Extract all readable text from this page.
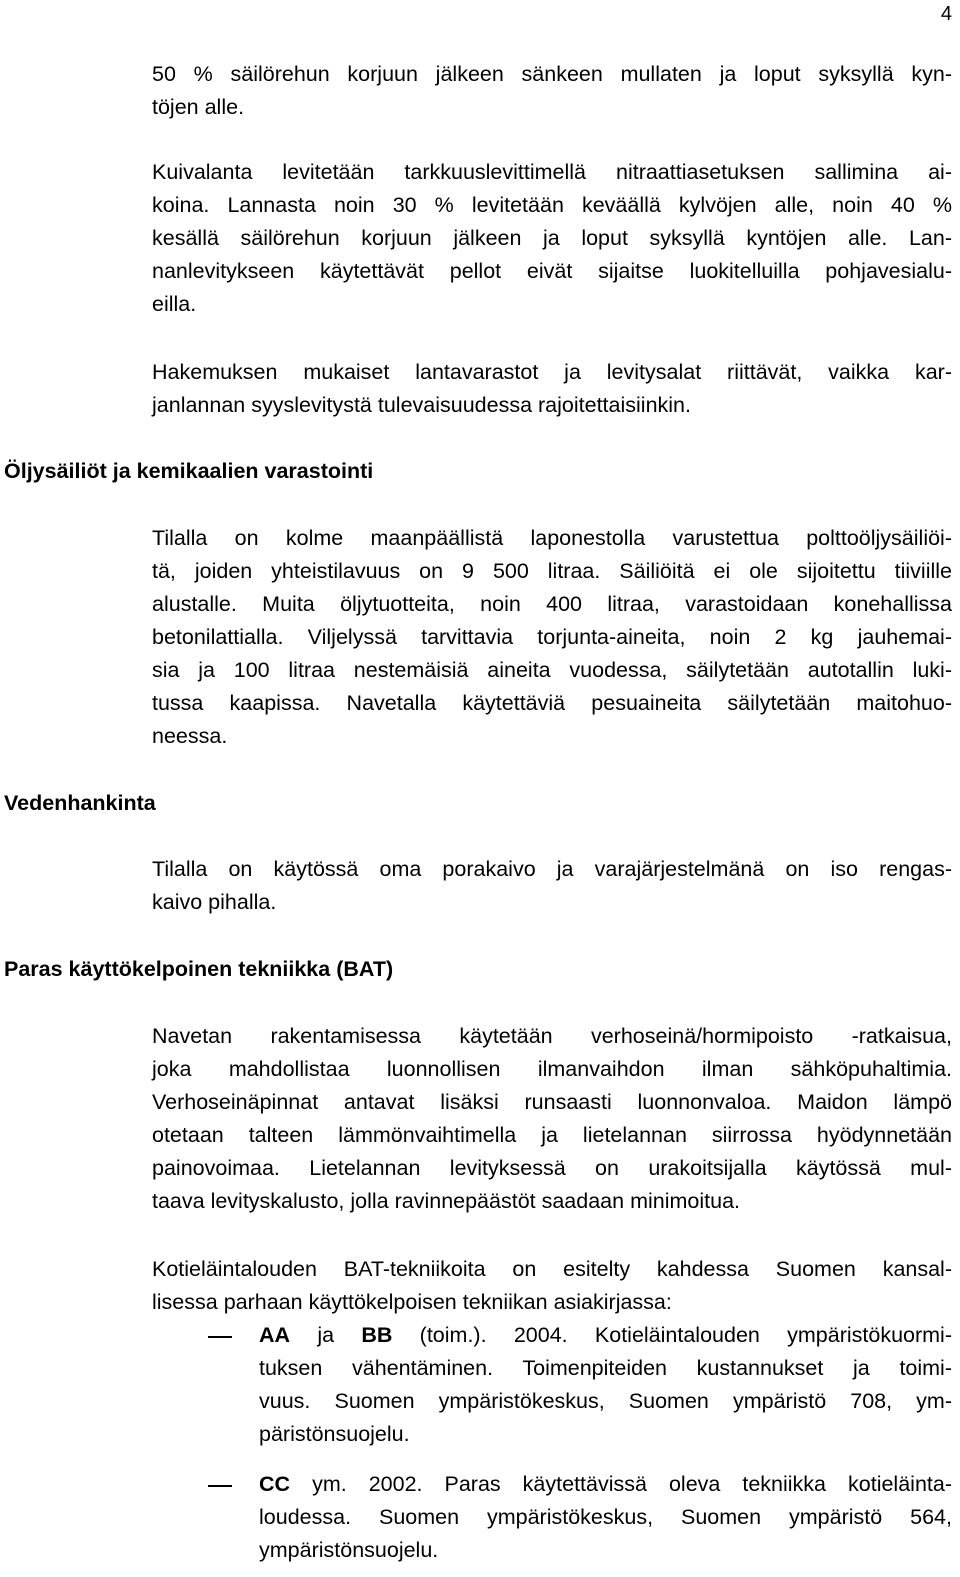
4
50 % säilörehun korjuun jälkeen sänkeen mullaten ja loput syksyllä kyn-
töjen alle.
Kuivalanta levitetään tarkkuuslevittimellä nitraattiasetuksen sallimina ai-
koina. Lannasta noin 30 % levitetään keväällä kylvöjen alle, noin 40 %
kesällä säilörehun korjuun jälkeen ja loput syksyllä kyntöjen alle. Lan-
nanlevitykseen käytettävät pellot eivät sijaitse luokitelluilla pohjavesialu-
eilla.
Hakemuksen mukaiset lantavarastot ja levitysalat riittävät, vaikka kar-
janlannan syyslevitystä tulevaisuudessa rajoitettaisiinkin.
Öljysäiliöt ja kemikaalien varastointi
Tilalla on kolme maanpäällistä laponestolla varustettua polttoöljysäiliöi-
tä, joiden yhteistilavuus on 9 500 litraa. Säiliöitä ei ole sijoitettu tiiviille
alustalle. Muita öljytuotteita, noin 400 litraa, varastoidaan konehallissa
betonilattialla. Viljelyssä tarvittavia torjunta-aineita, noin 2 kg jauhemai-
sia ja 100 litraa nestemäisiä aineita vuodessa, säilytetään autotallin luki-
tussa kaapissa. Navetalla käytettäviä pesuaineita säilytetään maitohuo-
neessa.
Vedenhankinta
Tilalla on käytössä oma porakaivo ja varajärjestelmänä on iso rengas-
kaivo pihalla.
Paras käyttökelpoinen tekniikka (BAT)
Navetan rakentamisessa käytetään verhoseinä/hormipoisto -ratkaisua,
joka mahdollistaa luonnollisen ilmanvaihdon ilman sähköpuhaltimia.
Verhoseinäpinnat antavat lisäksi runsaasti luonnonvaloa. Maidon lämpö
otetaan talteen lämmönvaihtimella ja lietelannan siirrossa hyödynnetään
painovoimaa. Lietelannan levityksessä on urakoitsijalla käytössä mul-
taava levityskalusto, jolla ravinnepäästöt saadaan minimoitua.
Kotieläintalouden BAT-tekniikoita on esitelty kahdessa Suomen kansal-
lisessa parhaan käyttökelpoisen tekniikan asiakirjassa:
AA ja BB (toim.). 2004. Kotieläintalouden ympäristökuormi-
tuksen vähentäminen. Toimenpiteiden kustannukset ja toimi-
vuus. Suomen ympäristökeskus, Suomen ympäristö 708, ym-
päristönsuojelu.
CC ym. 2002. Paras käytettävissä oleva tekniikka kotieläinta-
loudessa. Suomen ympäristökeskus, Suomen ympäristö 564,
ympäristönsuojelu.
